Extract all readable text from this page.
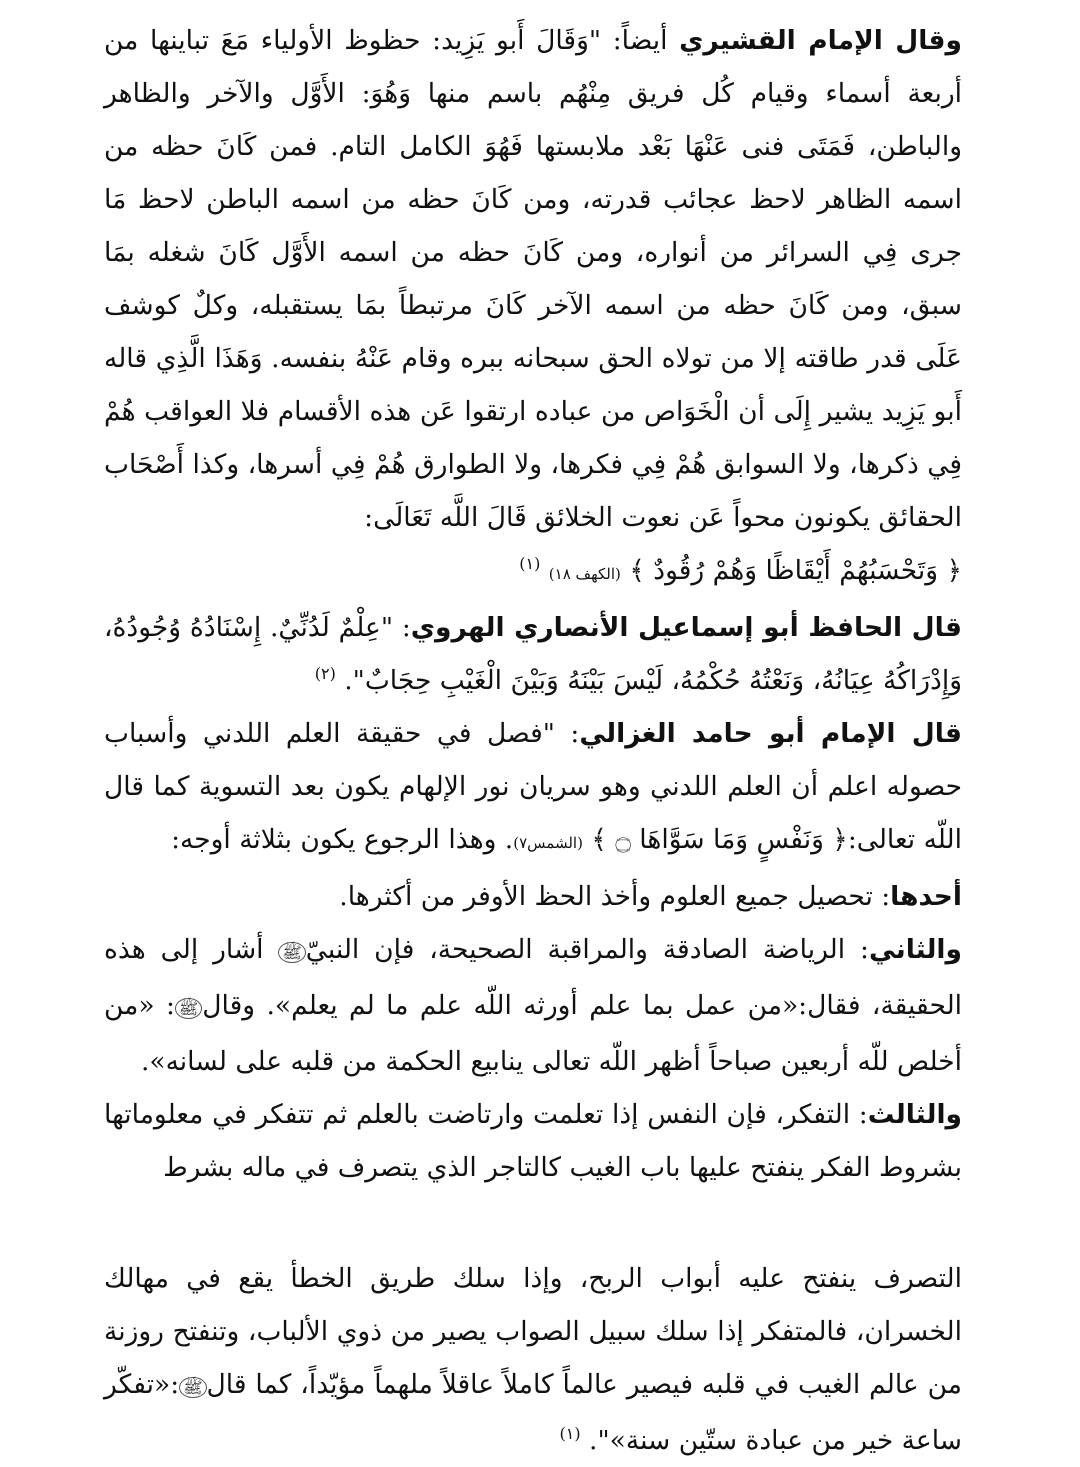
وقال الإمام القشيري أيضاً: "وَقَالَ أَبو يَزِيد: حظوظ الأولياء مَعَ تباينها من أربعة أسماء وقيام كُل فريق مِنْهُم باسم منها وَهُوَ: الأَوَّل والآخر والظاهر والباطن، فَمَتَى فنى عَنْهَا بَعْد ملابستها فَهُوَ الكامل التام. فمن كَانَ حظه من اسمه الظاهر لاحظ عجائب قدرته، ومن كَانَ حظه من اسمه الباطن لاحظ مَا جرى فِي السرائر من أنواره، ومن كَانَ حظه من اسمه الأَوَّل كَانَ شغله بمَا سبق، ومن كَانَ حظه من اسمه الآخر كَانَ مرتبطاً بمَا يستقبله، وكلٌ كوشف عَلَى قدر طاقته إلا من تولاه الحق سبحانه ببره وقام عَنْهُ بنفسه. وَهَذَا الَّذِي قاله أَبو يَزِيد يشير إِلَى أن الْخَوَاص من عباده ارتقوا عَن هذه الأقسام فلا العواقب هُمْ فِي ذكرها، ولا السوابق هُمْ فِي فكرها، ولا الطوارق هُمْ فِي أسرها، وكذا أَصْحَاب الحقائق يكونون محواً عَن نعوت الخلائق قَالَ اللَّه تَعَالَى:

﴿ وَتَحْسَبُهُمْ أَيْقَاظًا وَهُمْ رُقُودٌ ﴾ (الكهف ١٨) $^{(١)}$

قال الحافظ أبو إسماعيل الأنصاري الهروي: "عِلْمٌ لَدُنِّيٌ. إِسْنَادُهُ وُجُودُهُ، وَإِدْرَاكُهُ عِيَانُهُ، وَنَعْتُهُ حُكْمُهُ، لَيْسَ بَيْنَهُ وَبَيْنَ الْغَيْبِ حِجَابٌ". $^{(٢)}$

قال الإمام أبو حامد الغزالي: "فصل في حقيقة العلم اللدني وأسباب حصوله اعلم أن العلم اللدني وهو سريان نور الإلهام يكون بعد التسوية كما قال اللّه تعالى:﴿ وَنَفْسٍ وَمَا سَوَّاهَا ۝ ﴾ (الشمس٧). وهذا الرجوع يكون بثلاثة أوجه:

أحدها: تحصيل جميع العلوم وأخذ الحظ الأوفر من أكثرها.

والثاني: الرياضة الصادقة والمراقبة الصحيحة، فإن النبيّﷺ أشار إلى هذه الحقيقة، فقال:«من عمل بما علم أورثه اللّه علم ما لم يعلم». وقالﷺ: «من أخلص للّه أربعين صباحاً أظهر اللّه تعالى ينابيع الحكمة من قلبه على لسانه».

والثالث: التفكر، فإن النفس إذا تعلمت وارتاضت بالعلم ثم تتفكر في معلوماتها بشروط الفكر ينفتح عليها باب الغيب كالتاجر الذي يتصرف في ماله بشرط

التصرف ينفتح عليه أبواب الربح، وإذا سلك طريق الخطأ يقع في مهالك الخسران، فالمتفكر إذا سلك سبيل الصواب يصير من ذوي الألباب، وتنفتح روزنة من عالم الغيب في قلبه فيصير عالماً كاملاً عاقلاً ملهماً مؤيّداً، كما قالﷺ:«تفكّر ساعة خير من عبادة ستّين سنة»". $^{(١)}$
